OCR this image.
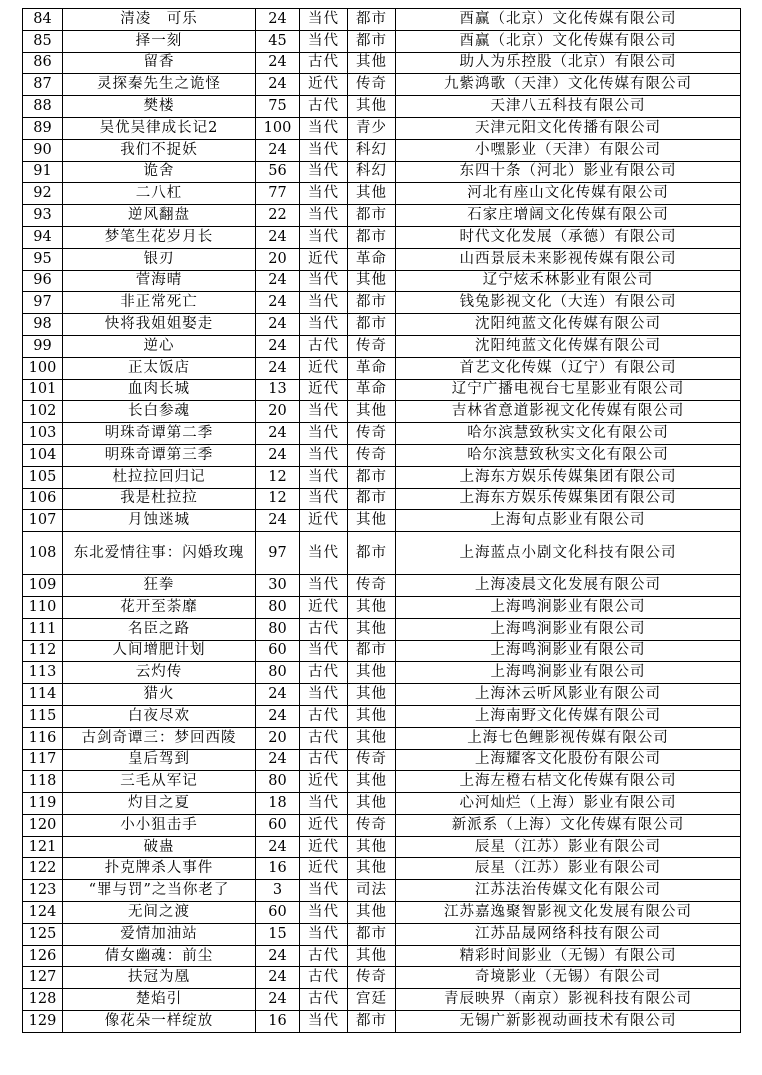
84	清凌　可乐	24	当代	都市	酉赢（北京）文化传媒有限公司
85	择一刻	45	当代	都市	酉赢（北京）文化传媒有限公司
86	留香	24	古代	其他	助人为乐控股（北京）有限公司
87	灵探秦先生之诡怪	24	近代	传奇	九紫鸿歌（天津）文化传媒有限公司
88	樊楼	75	古代	其他	天津八五科技有限公司
89	吴优吴律成长记2	100	当代	青少	天津元阳文化传播有限公司
90	我们不捉妖	24	当代	科幻	小嘿影业（天津）有限公司
91	诡舍	56	当代	科幻	东四十条（河北）影业有限公司
92	二八杠	77	当代	其他	河北有座山文化传媒有限公司
93	逆风翻盘	22	当代	都市	石家庄增阔文化传媒有限公司
94	梦笔生花岁月长	24	当代	都市	时代文化发展（承德）有限公司
95	银刃	20	近代	革命	山西景辰未来影视传媒有限公司
96	菅海晴	24	当代	其他	辽宁炫禾林影业有限公司
97	非正常死亡	24	当代	都市	钱兔影视文化（大连）有限公司
98	快将我姐姐娶走	24	当代	都市	沈阳纯蓝文化传媒有限公司
99	逆心	24	古代	传奇	沈阳纯蓝文化传媒有限公司
100	正太饭店	24	近代	革命	首艺文化传媒（辽宁）有限公司
101	血肉长城	13	近代	革命	辽宁广播电视台七星影业有限公司
102	长白参魂	20	当代	其他	吉林省意道影视文化传媒有限公司
103	明珠奇谭第二季	24	当代	传奇	哈尔滨慧致秋实文化有限公司
104	明珠奇谭第三季	24	当代	传奇	哈尔滨慧致秋实文化有限公司
105	杜拉拉回归记	12	当代	都市	上海东方娱乐传媒集团有限公司
106	我是杜拉拉	12	当代	都市	上海东方娱乐传媒集团有限公司
107	月蚀迷城	24	近代	其他	上海旬点影业有限公司
108	东北爱情往事：闪婚玫瑰	97	当代	都市	上海蓝点小剧文化科技有限公司
109	狂拳	30	当代	传奇	上海凌晨文化发展有限公司
110	花开至荼靡	80	近代	其他	上海鸣涧影业有限公司
111	名臣之路	80	古代	其他	上海鸣涧影业有限公司
112	人间增肥计划	60	当代	都市	上海鸣涧影业有限公司
113	云灼传	80	古代	其他	上海鸣涧影业有限公司
114	猎火	24	当代	其他	上海沐云听风影业有限公司
115	白夜尽欢	24	古代	其他	上海南野文化传媒有限公司
116	古剑奇谭三：梦回西陵	20	古代	其他	上海七色鲤影视传媒有限公司
117	皇后驾到	24	古代	传奇	上海耀客文化股份有限公司
118	三毛从军记	80	近代	其他	上海左橙右桔文化传媒有限公司
119	灼目之夏	18	当代	其他	心河灿烂（上海）影业有限公司
120	小小狙击手	60	近代	传奇	新派系（上海）文化传媒有限公司
121	破蛊	24	近代	其他	辰星（江苏）影业有限公司
122	扑克牌杀人事件	16	近代	其他	辰星（江苏）影业有限公司
123	“罪与罚”之当你老了	3	当代	司法	江苏法治传媒文化有限公司
124	无间之渡	60	当代	其他	江苏嘉逸聚智影视文化发展有限公司
125	爱情加油站	15	当代	都市	江苏品晟网络科技有限公司
126	倩女幽魂：前尘	24	古代	其他	精彩时间影业（无锡）有限公司
127	扶冠为凰	24	古代	传奇	奇境影业（无锡）有限公司
128	楚焰引	24	古代	宫廷	青辰映界（南京）影视科技有限公司
129	像花朵一样绽放	16	当代	都市	无锡广新影视动画技术有限公司
